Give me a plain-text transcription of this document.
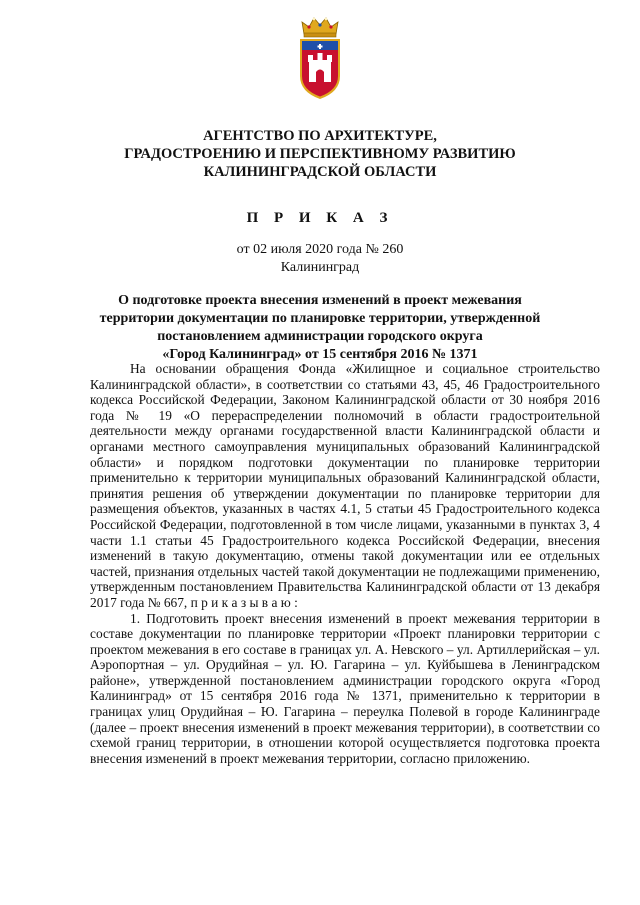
АГЕНТСТВО ПО АРХИТЕКТУРЕ,
ГРАДОСТРОЕНИЮ И ПЕРСПЕКТИВНОМУ РАЗВИТИЮ
КАЛИНИНГРАДСКОЙ ОБЛАСТИ
П Р И К А З
от 02 июля 2020 года № 260
Калининград
О подготовке проекта внесения изменений в проект межевания
территории документации по планировке территории, утвержденной
постановлением администрации городского округа
«Город Калининград» от 15 сентября 2016 № 1371

На основании обращения Фонда «Жилищное и социальное строительство Калининградской области», в соответствии со статьями 43, 45, 46 Градостроительного кодекса Российской Федерации, Законом Калининградской области от 30 ноября 2016 года № 19 «О перераспределении полномочий в области градостроительной деятельности между органами государственной власти Калининградской области и органами местного самоуправления муниципальных образований Калининградской области» и порядком подготовки документации по планировке территории применительно к территории муниципальных образований Калининградской области, принятия решения об утверждении документации по планировке территории для размещения объектов, указанных в частях 4.1, 5 статьи 45 Градостроительного кодекса Российской Федерации, подготовленной в том числе лицами, указанными в пунктах 3, 4 части 1.1 статьи 45 Градостроительного кодекса Российской Федерации, внесения изменений в такую документацию, отмены такой документации или ее отдельных частей, признания отдельных частей такой документации не подлежащими применению, утвержденным постановлением Правительства Калининградской области от 13 декабря 2017 года № 667, п р и к а з ы в а ю :

1. Подготовить проект внесения изменений в проект межевания территории в составе документации по планировке территории «Проект планировки территории с проектом межевания в его составе в границах ул. А. Невского – ул. Артиллерийская – ул. Аэропортная – ул. Орудийная – ул. Ю. Гагарина – ул. Куйбышева в Ленинградском районе», утвержденной постановлением администрации городского округа «Город Калининград» от 15 сентября 2016 года № 1371, применительно к территории в границах улиц Орудийная – Ю. Гагарина – переулка Полевой в городе Калининграде (далее – проект внесения изменений в проект межевания территории), в соответствии со схемой границ территории, в отношении которой осуществляется подготовка проекта внесения изменений в проект межевания территории, согласно приложению.
